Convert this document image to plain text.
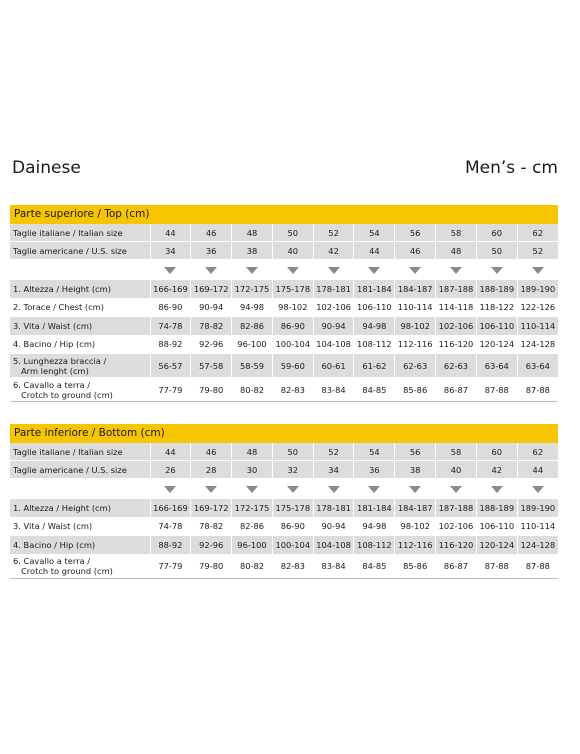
Dainese	Men’s - cm
Parte superiore / Top (cm)
Taglie italiane / Italian size	44	46	48	50	52	54	56	58	60	62
Taglie americane / U.S. size	34	36	38	40	42	44	46	48	50	52

1. Altezza / Height (cm)	166-169	169-172	172-175	175-178	178-181	181-184	184-187	187-188	188-189	189-190
2. Torace / Chest (cm)	86-90	90-94	94-98	98-102	102-106	106-110	110-114	114-118	118-122	122-126
3. Vita / Waist (cm)	74-78	78-82	82-86	86-90	90-94	94-98	98-102	102-106	106-110	110-114
4. Bacino / Hip (cm)	88-92	92-96	96-100	100-104	104-108	108-112	112-116	116-120	120-124	124-128

5. Lunghezza braccia /
Arm lenght (cm)	56-57	57-58	58-59	59-60	60-61	61-62	62-63	62-63	63-64	63-64

6. Cavallo a terra /
Crotch to ground (cm)	77-79	79-80	80-82	82-83	83-84	84-85	85-86	86-87	87-88	87-88
Parte inferiore / Bottom (cm)
Taglie italiane / Italian size	44	46	48	50	52	54	56	58	60	62
Taglie americane / U.S. size	26	28	30	32	34	36	38	40	42	44

1. Altezza / Height (cm)	166-169	169-172	172-175	175-178	178-181	181-184	184-187	187-188	188-189	189-190
3. Vita / Waist (cm)	74-78	78-82	82-86	86-90	90-94	94-98	98-102	102-106	106-110	110-114
4. Bacino / Hip (cm)	88-92	92-96	96-100	100-104	104-108	108-112	112-116	116-120	120-124	124-128

6. Cavallo a terra /
Crotch to ground (cm)	77-79	79-80	80-82	82-83	83-84	84-85	85-86	86-87	87-88	87-88
